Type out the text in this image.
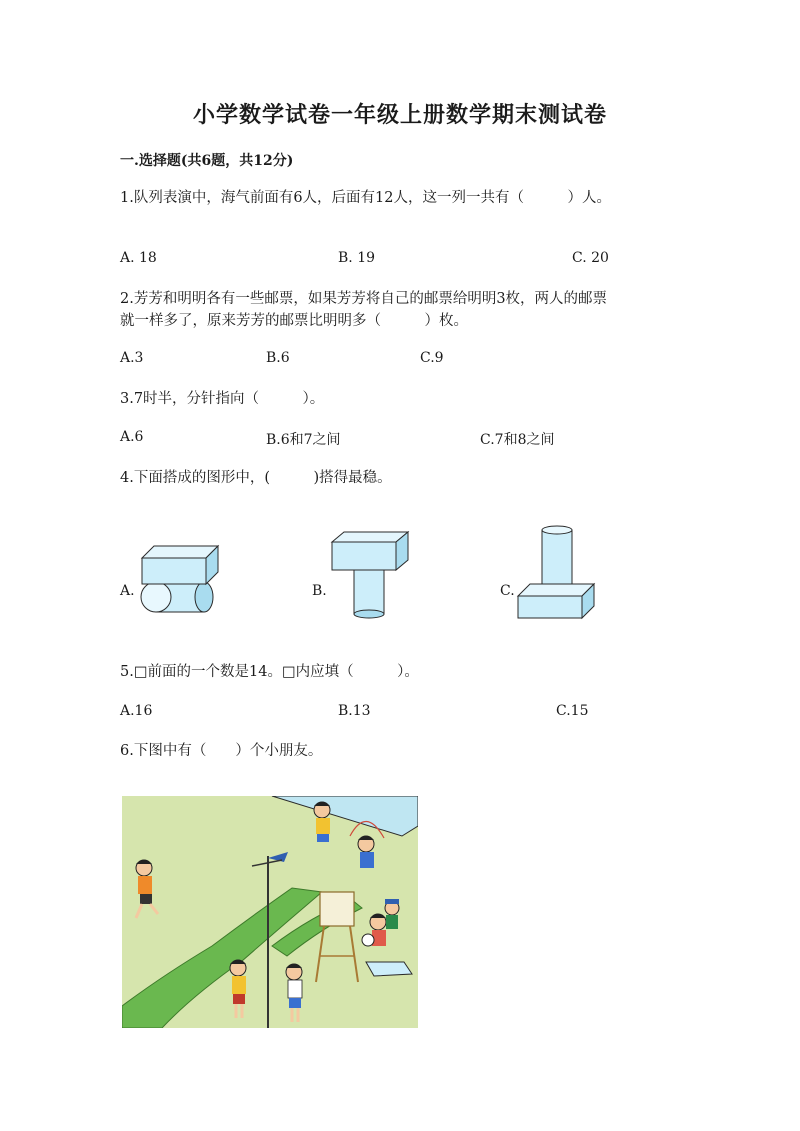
小学数学试卷一年级上册数学期末测试卷
一.选择题(共6题，共12分)
1.队列表演中，海气前面有6人，后面有12人，这一列一共有（　　　）人。
A. 18	B. 19	C. 20
2.芳芳和明明各有一些邮票，如果芳芳将自己的邮票给明明3枚，两人的邮票
就一样多了，原来芳芳的邮票比明明多（　　　）枚。
A.3	B.6	C.9
3.7时半，分针指向（　　　）。
A.6	B.6和7之间	C.7和8之间
4.下面搭成的图形中，(　　　)搭得最稳。
A.	B.	C.
5.□前面的一个数是14。□内应填（　　　）。
A.16	B.13	C.15
6.下图中有（　　）个小朋友。
